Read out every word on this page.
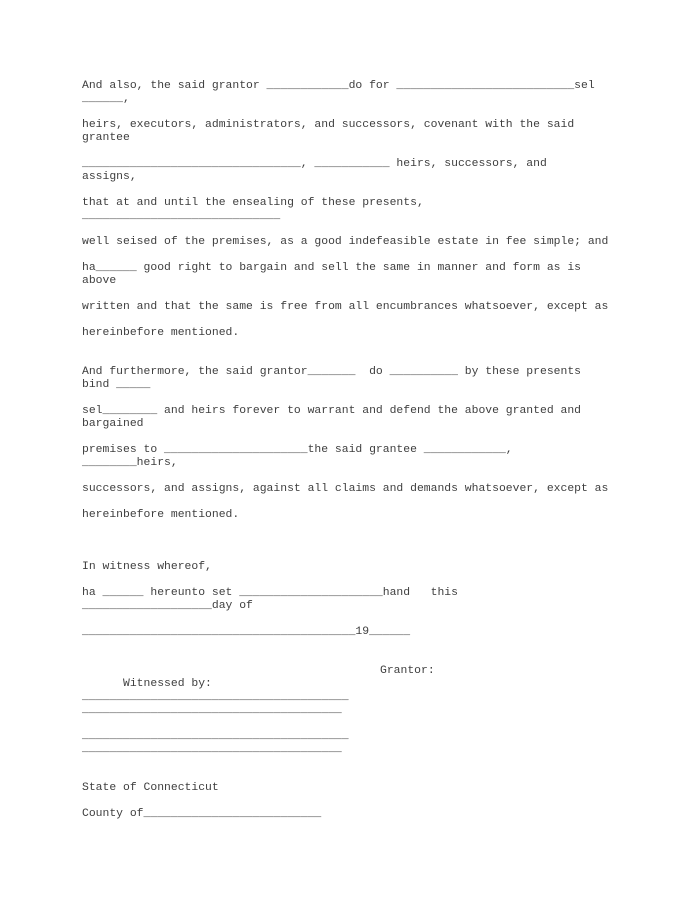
And also, the said grantor ____________do for __________________________sel
______,
heirs, executors, administrators, and successors, covenant with the said
grantee
________________________________, ___________ heirs, successors, and
assigns,
that at and until the ensealing of these presents,
_____________________________
well seised of the premises, as a good indefeasible estate in fee simple; and
ha______ good right to bargain and sell the same in manner and form as is
above
written and that the same is free from all encumbrances whatsoever, except as
hereinbefore mentioned.
And furthermore, the said grantor_______  do __________ by these presents
bind _____
sel________ and heirs forever to warrant and defend the above granted and
bargained
premises to _____________________the said grantee ____________,
________heirs,
successors, and assigns, against all claims and demands whatsoever, except as
hereinbefore mentioned.
In witness whereof,
ha ______ hereunto set _____________________hand   this
___________________day of
________________________________________19______

Witnessed by:

Grantor:

_______________________________________
______________________________________
_______________________________________
______________________________________
State of Connecticut
County of__________________________
